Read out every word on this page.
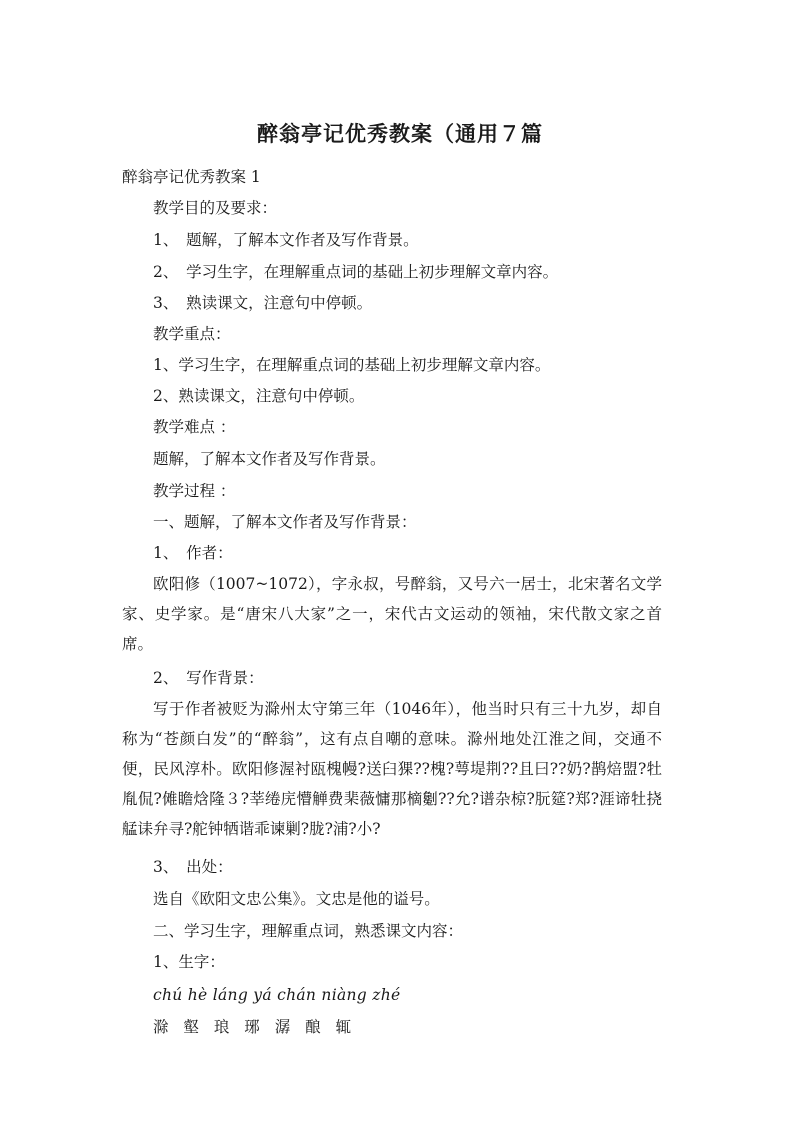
醉翁亭记优秀教案（通用７篇
醉翁亭记优秀教案 1
教学目的及要求：
1、　题解，了解本文作者及写作背景。
2、　学习生字，在理解重点词的基础上初步理解文章内容。
3、　熟读课文，注意句中停顿。
教学重点：
1、学习生字，在理解重点词的基础上初步理解文章内容。
2、熟读课文，注意句中停顿。
教学难点 ：
题解，了解本文作者及写作背景。
教学过程 ：
一、题解，了解本文作者及写作背景：
1、　作者：
欧阳修（1007~1072），字永叔，号醉翁，又号六一居士，北宋著名文学家、史学家。是“唐宋八大家”之一，宋代古文运动的领袖，宋代散文家之首席。
2、　写作背景：
写于作者被贬为滁州太守第三年（1046年），他当时只有三十九岁，却自称为“苍颜白发”的“醉翁”，这有点自嘲的意味。滁州地处江淮之间，交通不便，民风淳朴。欧阳修渥衬瓯槐幔?送臼猓??槐?萼堤荆??且曰??奶?鹊焙盟?牡胤侃?傩瞻焓隆３?莘绻庑懵觯费棐薇慵那樀劖??允?谱杂椋?朊筵?郑?涯谛牡挠艋诔弁寻?舵钟牺谐乖谏剿?胧?浦?小?
3、　出处：
选自《欧阳文忠公集》。文忠是他的谥号。
二、学习生字，理解重点词，熟悉课文内容：
1、生字：
chú hè láng yá chán niàng zhé
滁 壑 琅 琊 潺 酿 辄
